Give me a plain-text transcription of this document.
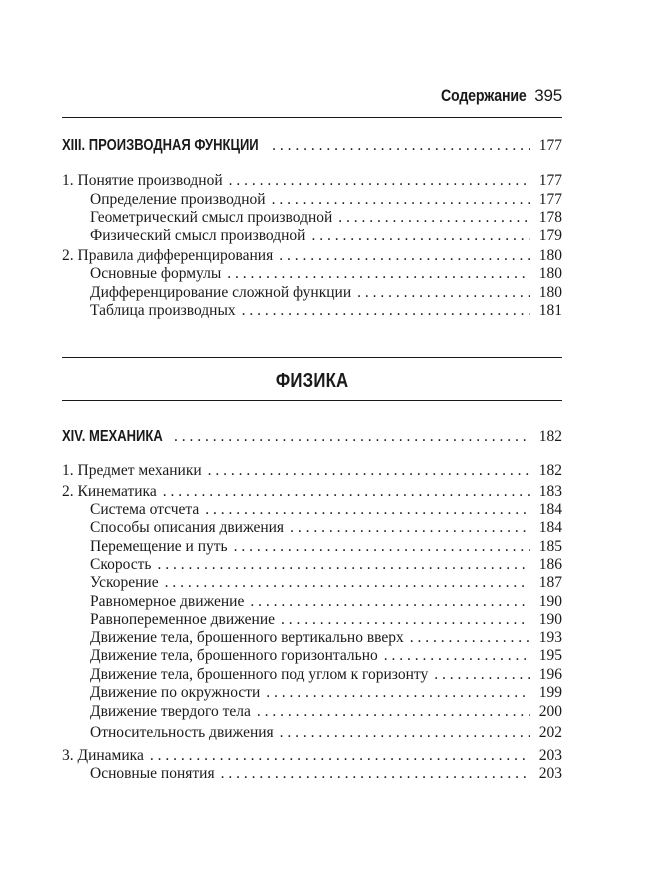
Содержание 395
XIII. ПРОИЗВОДНАЯ ФУНКЦИИ . . .	177
1. Понятие производной . . .	177
Определение производной . . .	177
Геометрический смысл производной . . .	178
Физический смысл производной . . .	179
2. Правила дифференцирования . . .	180
Основные формулы . . .	180
Дифференцирование сложной функции . . .	180
Таблица производных . . .	181
ФИЗИКА
XIV. МЕХАНИКА . . .	182
1. Предмет механики . . .	182
2. Кинематика . . .	183
Система отсчета . . .	184
Способы описания движения . . .	184
Перемещение и путь . . .	185
Скорость . . .	186
Ускорение . . .	187
Равномерное движение . . .	190
Равнопеременное движение . . .	190
Движение тела, брошенного вертикально вверх . . .	193
Движение тела, брошенного горизонтально . . .	195
Движение тела, брошенного под углом к горизонту . . .	196
Движение по окружности . . .	199
Движение твердого тела . . .	200
Относительность движения . . .	202
3. Динамика . . .	203
Основные понятия . . .	203
